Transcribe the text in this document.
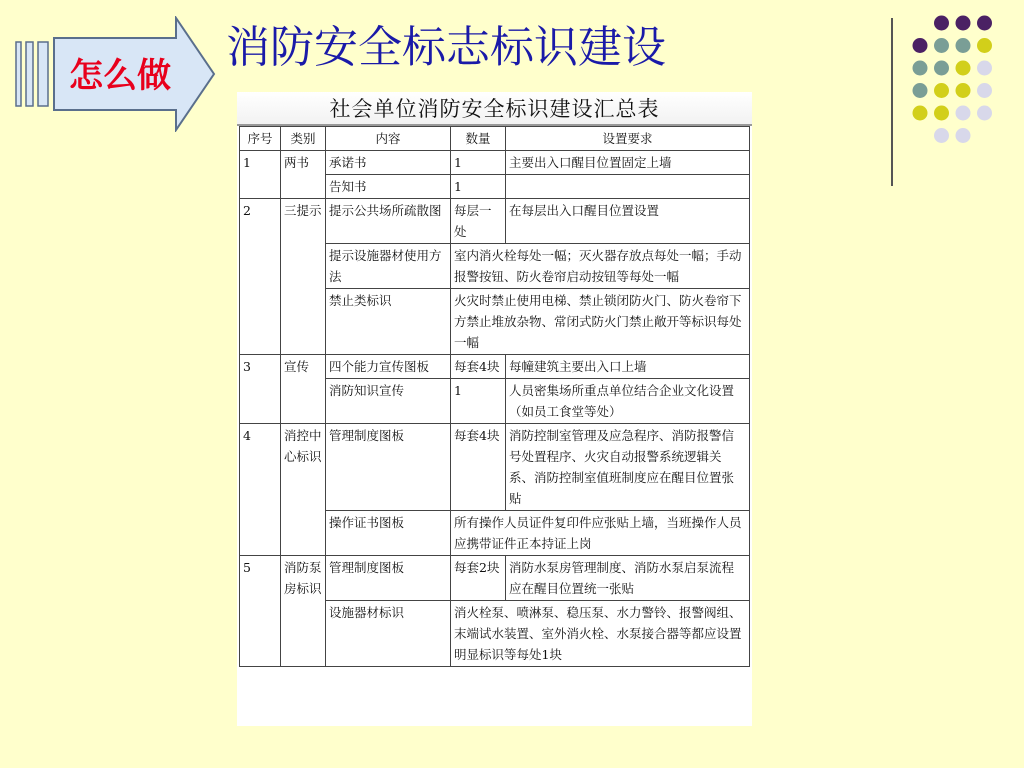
怎么做
消防安全标志标识建设
社会单位消防安全标识建设汇总表
序号	类别	内容	数量	设置要求
1	两书	承诺书	1	主要出入口醒目位置固定上墙
		告知书	1	
2	三提示	提示公共场所疏散图	每层一处	在每层出入口醒目位置设置
		提示设施器材使用方法	室内消火栓每处一幅；灭火器存放点每处一幅；手动报警按钮、防火卷帘启动按钮等每处一幅	
		禁止类标识	火灾时禁止使用电梯、禁止锁闭防火门、防火卷帘下方禁止堆放杂物、常闭式防火门禁止敞开等标识每处一幅	
3	宣传	四个能力宣传图板	每套4块	每幢建筑主要出入口上墙
		消防知识宣传	1	人员密集场所重点单位结合企业文化设置（如员工食堂等处）
4	消控中心标识	管理制度图板	每套4块	消防控制室管理及应急程序、消防报警信号处置程序、火灾自动报警系统逻辑关系、消防控制室值班制度应在醒目位置张贴
		操作证书图板	所有操作人员证件复印件应张贴上墙，当班操作人员应携带证件正本持证上岗	
5	消防泵房标识	管理制度图板	每套2块	消防水泵房管理制度、消防水泵启泵流程应在醒目位置统一张贴
		设施器材标识	消火栓泵、喷淋泵、稳压泵、水力警铃、报警阀组、末端试水装置、室外消火栓、水泵接合器等都应设置明显标识等每处1块	
